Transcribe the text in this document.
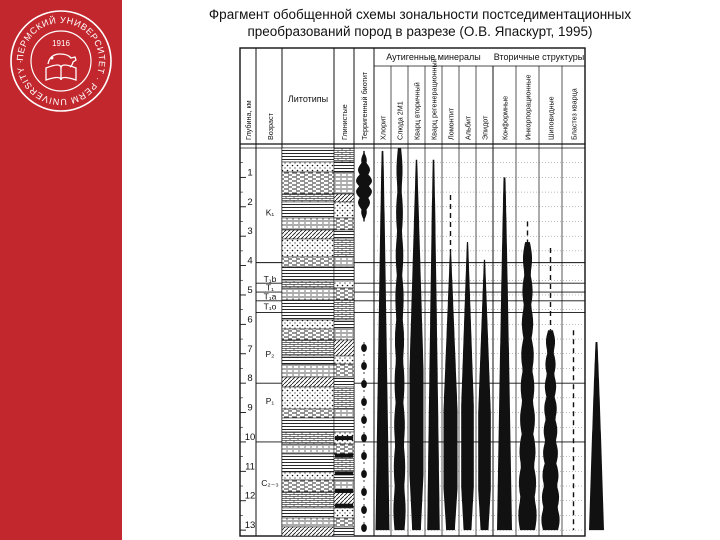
ПЕРМСКИЙ УНИВЕРСИТЕТ · PERM UNIVERSITY ·
1916
Фрагмент обобщенной схемы зональности постседиментационных
преобразований пород в разрезе (О.В. Япаскурт, 1995)
Глубина, км Возраст
Литотипы
Глинистые Терригенный биотит
Аутигенные минералы Вторичные структуры
Хлорит Слюда 2М1 Кварц вторичный Кварц регенерационный Ломонтит Альбит Эпидот Конформные Инкорпорационные Шиповидные Бластез кварца
1
2
3
4
5
6
7
8
9
10
11
12
13
K₁
T₁b
T₁
T₁a
T₁o
P₂
P₁
C₂₋₃
